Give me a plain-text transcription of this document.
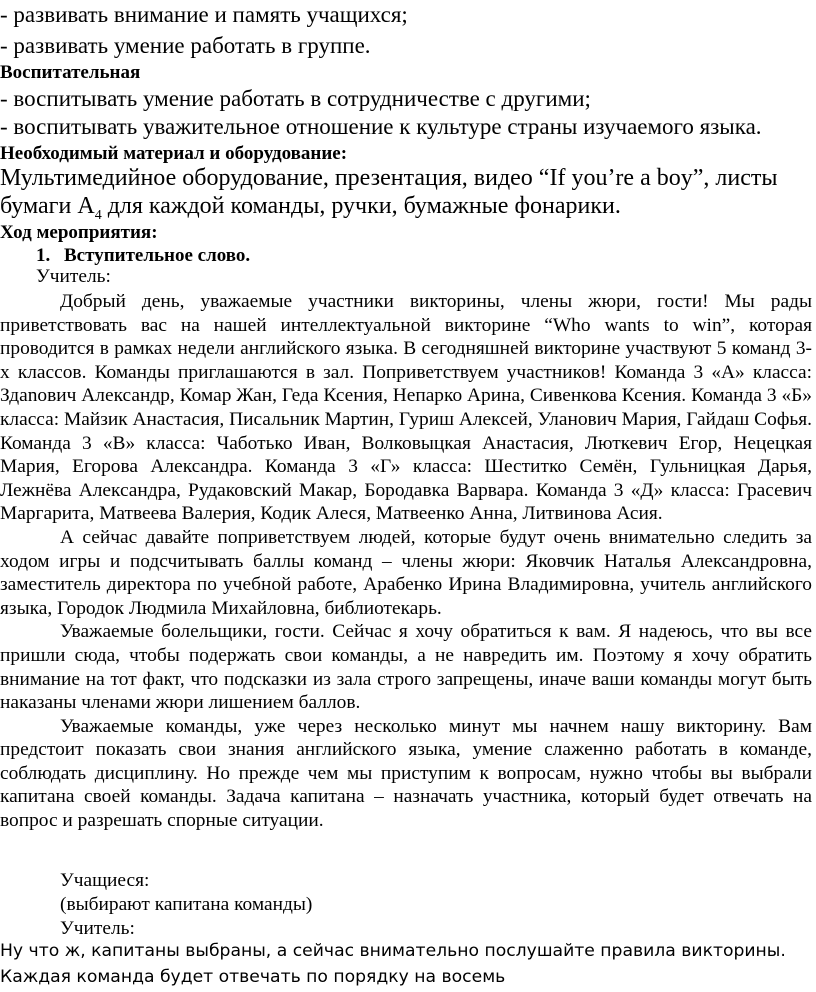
- развивать внимание и память учащихся;
- развивать умение работать в группе.
Воспитательная
- воспитывать умение работать в сотрудничестве с другими;
- воспитывать уважительное отношение к культуре страны изучаемого языка.
Необходимый материал и оборудование:
Мультимедийное оборудование, презентация, видео “If you’re a boy”, листы
бумаги $А_4$ для каждой команды, ручки, бумажные фонарики.
Ход мероприятия:
1. Вступительное слово.
Учитель:

Добрый день, уважаемые участники викторины, члены жюри, гости! Мы рады приветствовать вас на нашей интеллектуальной викторине “Who wants to win”, которая проводится в рамках недели английского языка. В сегодняшней викторине участвуют 5 команд 3-х классов. Команды приглашаются в зал. Поприветствуем участников! Команда 3 «А» класса: Здanoвич Александр, Комар Жан, Геда Ксения, Непарко Арина, Сивенкова Ксения. Команда 3 «Б» класса: Майзик Анастасия, Писальник Мартин, Гуриш Алексей, Уланович Мария, Гайдаш Софья. Команда 3 «В» класса: Чаботько Иван, Волковыцкая Анастасия, Люткевич Егор, Нецецкая Мария, Егорова Александра. Команда 3 «Г» класса: Шеститко Семён, Гульницкая Дарья, Лежнёва Александра, Рудаковский Макар, Бородавка Варвара. Команда 3 «Д» класса: Грасевич Маргарита, Матвеева Валерия, Кодик Алеся, Матвеенко Анна, Литвинова Асия.

А сейчас давайте поприветствуем людей, которые будут очень внимательно следить за ходом игры и подсчитывать баллы команд – члены жюри: Яковчик Наталья Александровна, заместитель директора по учебной работе, Арабенко Ирина Владимировна, учитель английского языка, Городок Людмила Михайловна, библиотекарь.

Уважаемые болельщики, гости. Сейчас я хочу обратиться к вам. Я надеюсь, что вы все пришли сюда, чтобы подержать свои команды, а не навредить им. Поэтому я хочу обратить внимание на тот факт, что подсказки из зала строго запрещены, иначе ваши команды могут быть наказаны членами жюри лишением баллов.

Уважаемые команды, уже через несколько минут мы начнем нашу викторину. Вам предстоит показать свои знания английского языка, умение слаженно работать в команде, соблюдать дисциплину. Но прежде чем мы приступим к вопросам, нужно чтобы вы выбрали капитана своей команды. Задача капитана – назначать участника, который будет отвечать на вопрос и разрешать спорные ситуации.

Учащиеся:
(выбирают капитана команды)
Учитель:
Ну что ж, капитаны выбраны, а сейчас внимательно послушайте правила викторины.
Каждая команда будет отвечать по порядку на восемь
